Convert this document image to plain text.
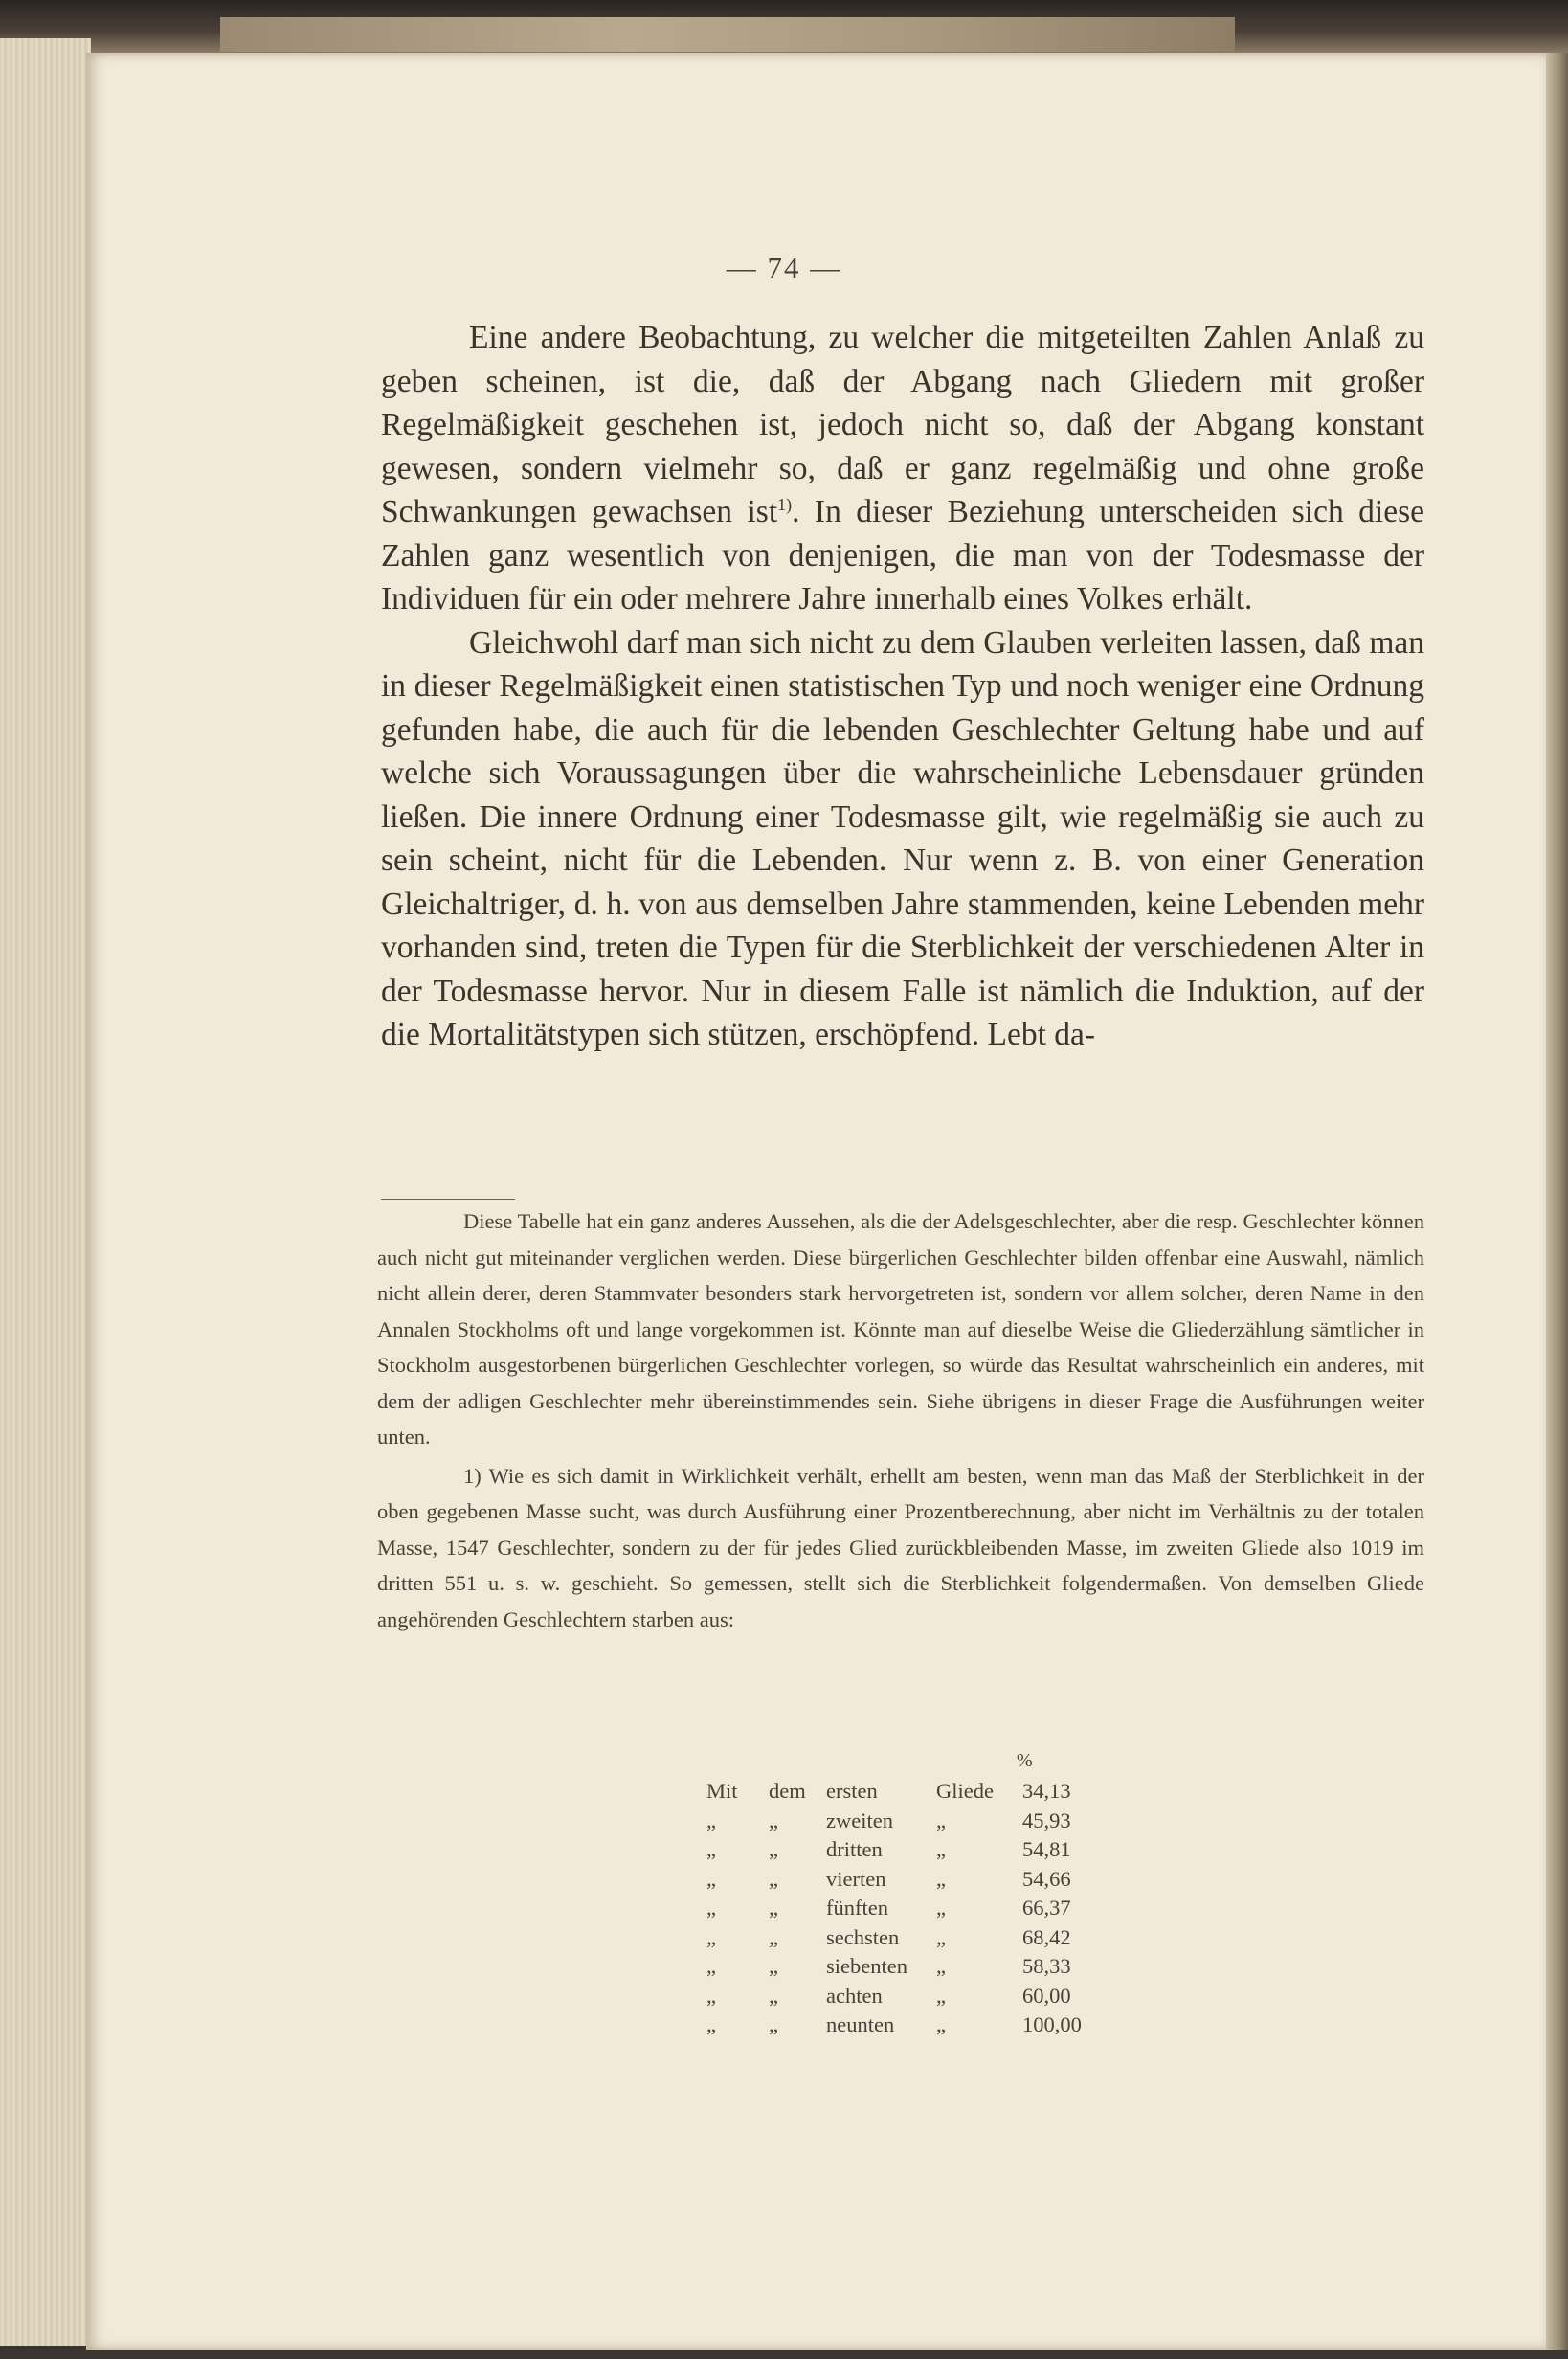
— 74 —

Eine andere Beobachtung, zu welcher die mitgeteilten Zahlen Anlaß zu geben scheinen, ist die, daß der Abgang nach Gliedern mit großer Regelmäßigkeit geschehen ist, jedoch nicht so, daß der Abgang konstant gewesen, sondern vielmehr so, daß er ganz regelmäßig und ohne große Schwankungen gewachsen ist$^{1)}$. In dieser Beziehung unterscheiden sich diese Zahlen ganz wesentlich von denjenigen, die man von der Todesmasse der Individuen für ein oder mehrere Jahre innerhalb eines Volkes erhält.

Gleichwohl darf man sich nicht zu dem Glauben verleiten lassen, daß man in dieser Regelmäßigkeit einen statistischen Typ und noch weniger eine Ordnung gefunden habe, die auch für die lebenden Geschlechter Geltung habe und auf welche sich Voraussagungen über die wahrscheinliche Lebensdauer gründen ließen. Die innere Ordnung einer Todesmasse gilt, wie regelmäßig sie auch zu sein scheint, nicht für die Lebenden. Nur wenn z. B. von einer Generation Gleichaltriger, d. h. von aus demselben Jahre stammenden, keine Lebenden mehr vorhanden sind, treten die Typen für die Sterblichkeit der verschiedenen Alter in der Todesmasse hervor. Nur in diesem Falle ist nämlich die Induktion, auf der die Mortalitätstypen sich stützen, erschöpfend. Lebt da-

Diese Tabelle hat ein ganz anderes Aussehen, als die der Adelsgeschlechter, aber die resp. Geschlechter können auch nicht gut miteinander verglichen werden. Diese bürgerlichen Geschlechter bilden offenbar eine Auswahl, nämlich nicht allein derer, deren Stammvater besonders stark hervorgetreten ist, sondern vor allem solcher, deren Name in den Annalen Stockholms oft und lange vorgekommen ist. Könnte man auf dieselbe Weise die Gliederzählung sämtlicher in Stockholm ausgestorbenen bürgerlichen Geschlechter vorlegen, so würde das Resultat wahrscheinlich ein anderes, mit dem der adligen Geschlechter mehr übereinstimmendes sein. Siehe übrigens in dieser Frage die Ausführungen weiter unten.

1) Wie es sich damit in Wirklichkeit verhält, erhellt am besten, wenn man das Maß der Sterblichkeit in der oben gegebenen Masse sucht, was durch Ausführung einer Prozentberechnung, aber nicht im Verhältnis zu der totalen Masse, 1547 Geschlechter, sondern zu der für jedes Glied zurückbleibenden Masse, im zweiten Gliede also 1019 im dritten 551 u. s. w. geschieht. So gemessen, stellt sich die Sterblichkeit folgendermaßen. Von demselben Gliede angehörenden Geschlechtern starben aus:

%
Mit dem ersten	Gliede 34,13
„ „ zweiten „	45,93
„ „ dritten	„	54,81
„ „ vierten „	54,66
„ „ fünften „	66,37
„ „ sechsten „	68,42
„ „ siebenten „	58,33
„ „ achten	„	60,00
„ „ neunten „	100,00
